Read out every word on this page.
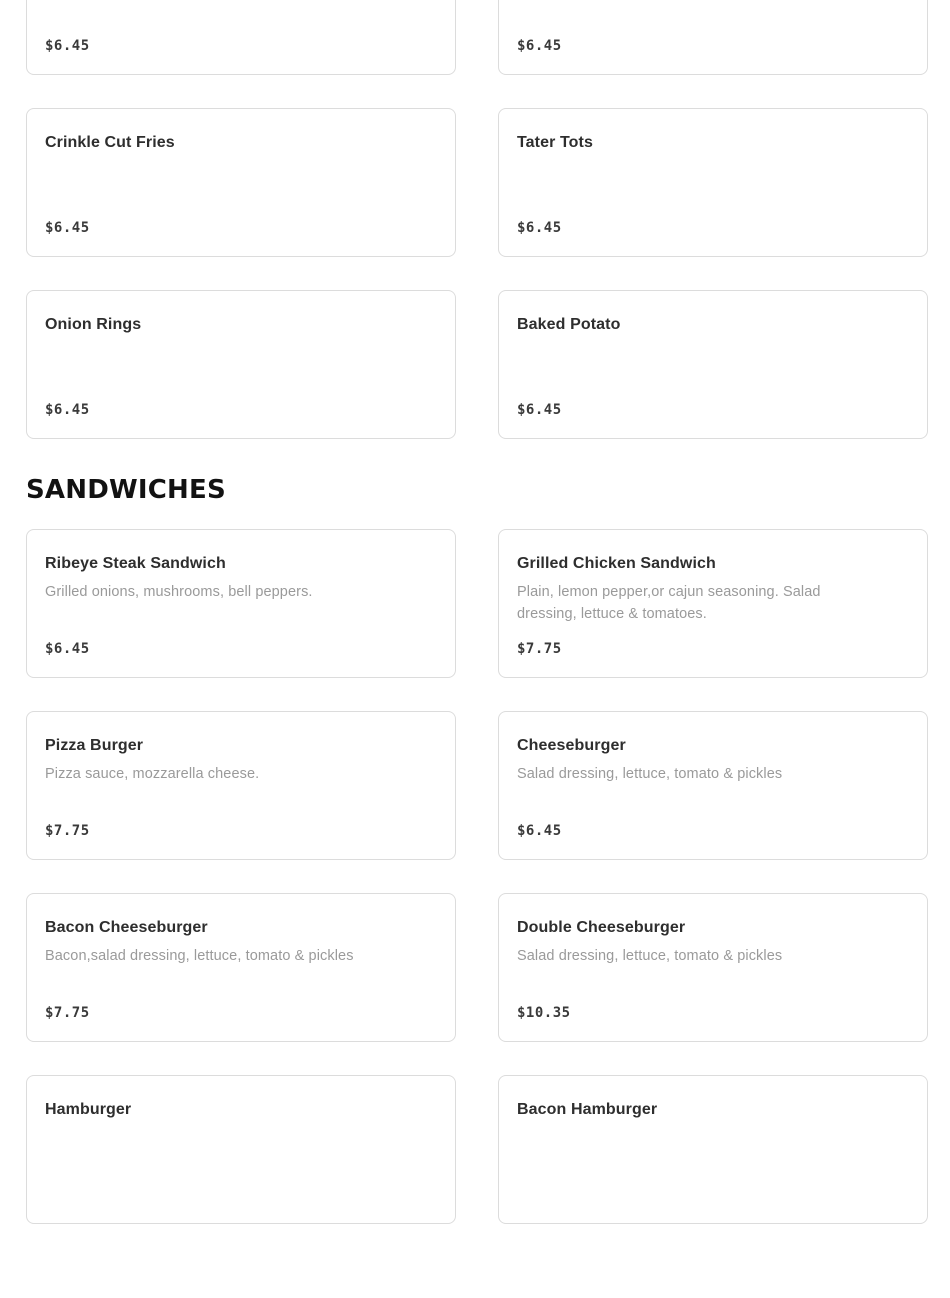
$6.45	$6.45
Crinkle Cut Fries
$6.45
Tater Tots
$6.45
Onion Rings
$6.45
Baked Potato
$6.45
SANDWICHES
Ribeye Steak Sandwich
Grilled onions, mushrooms, bell peppers.
$6.45
Grilled Chicken Sandwich
Plain, lemon pepper,or cajun seasoning. Salad dressing, lettuce & tomatoes.
$7.75
Pizza Burger
Pizza sauce, mozzarella cheese.
$7.75
Cheeseburger
Salad dressing, lettuce, tomato & pickles
$6.45
Bacon Cheeseburger
Bacon,salad dressing, lettuce, tomato & pickles
$7.75
Double Cheeseburger
Salad dressing, lettuce, tomato & pickles
$10.35
Hamburger	Bacon Hamburger
